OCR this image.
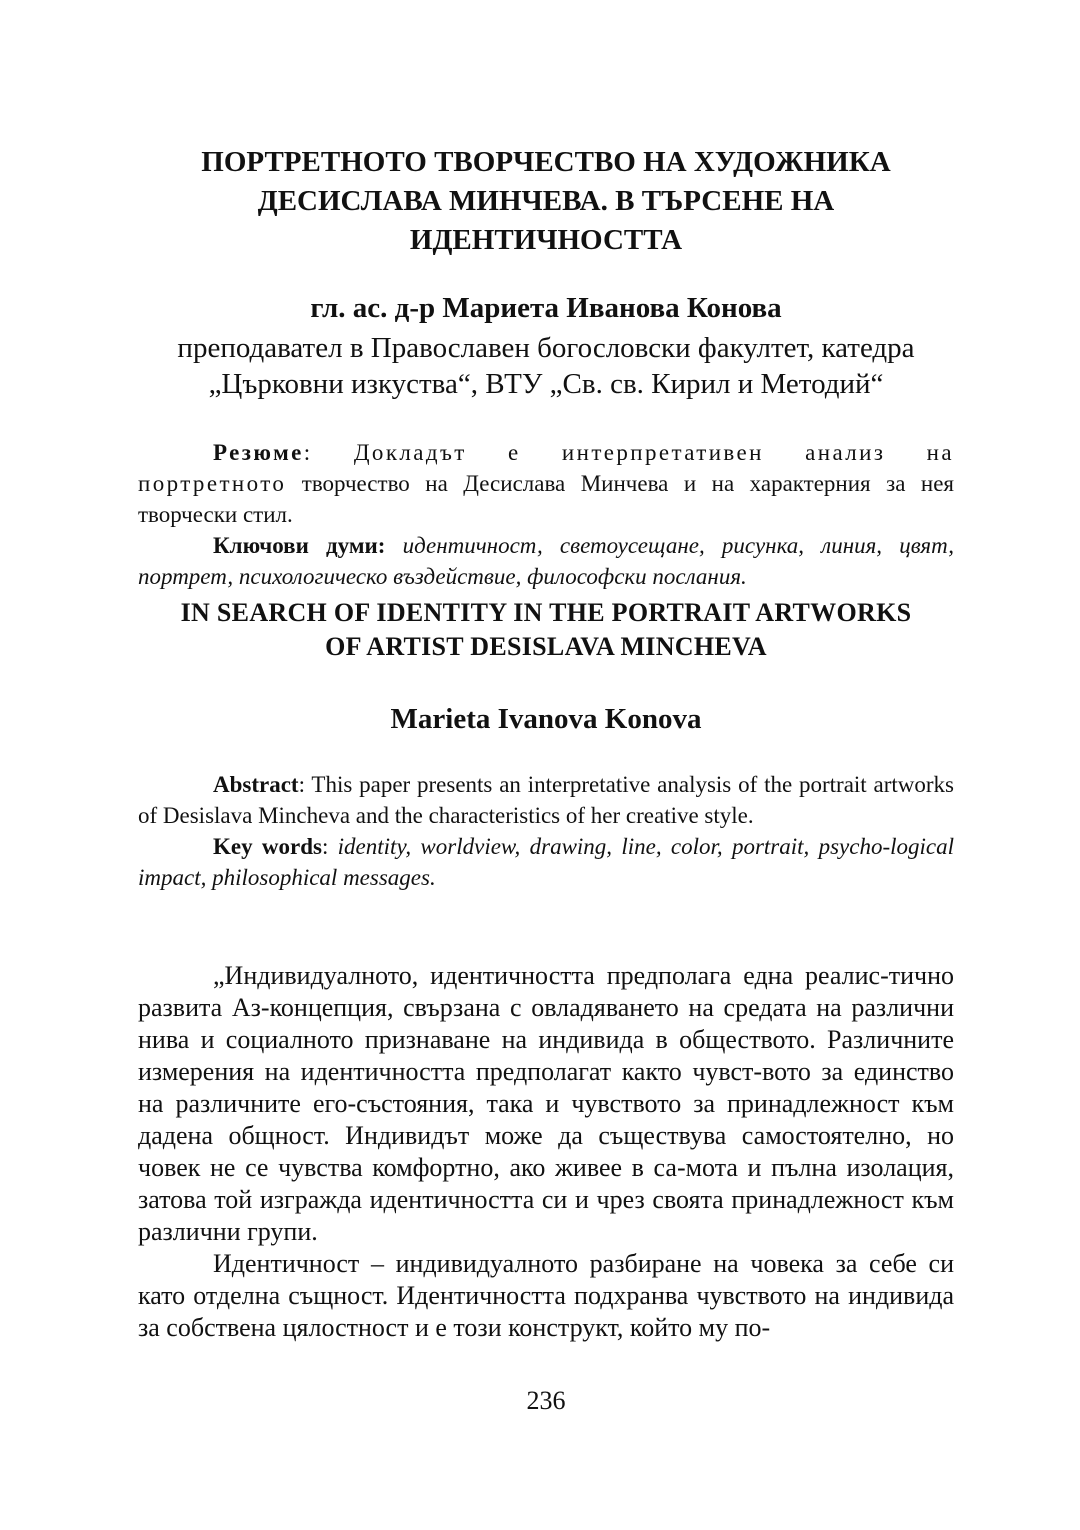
ПОРТРЕТНОТО ТВОРЧЕСТВО НА ХУДОЖНИКА
ДЕСИСЛАВА МИНЧЕВА. В ТЪРСЕНЕ НА
ИДЕНТИЧНОСТТА
гл. ас. д-р Мариета Иванова Конова
преподавател в Православен богословски факултет, катедра
„Църковни изкуства“, ВТУ „Св. св. Кирил и Методий“

Резюме: Докладът е интерпретативен анализ на портретното творчество на Десислава Минчева и на характерния за нея творчески стил.

Ключови думи: идентичност, светоусещане, рисунка, линия, цвят, портрет, психологическо въздействие, философски послания.

IN SEARCH OF IDENTITY IN THE PORTRAIT ARTWORKS
OF ARTIST DESISLAVA MINCHEVA
Marieta Ivanova Konova

Abstract: This paper presents an interpretative analysis of the portrait artworks of Desislava Mincheva and the characteristics of her creative style.

Key words: identity, worldview, drawing, line, color, portrait, psycho-logical impact, philosophical messages.

„Индивидуалното, идентичността предполага една реалис-тично развита Аз-концепция, свързана с овладяването на средата на различни нива и социалното признаване на индивида в обществото. Различните измерения на идентичността предполагат както чувст-вото за единство на различните его-състояния, така и чувството за принадлежност към дадена общност. Индивидът може да съществува самостоятелно, но човек не се чувства комфортно, ако живее в са-мота и пълна изолация, затова той изгражда идентичността си и чрез своята принадлежност към различни групи.

Идентичност – индивидуалното разбиране на човека за себе си като отделна същност. Идентичността подхранва чувството на индивида за собствена цялостност и е този конструкт, който му по-

236
